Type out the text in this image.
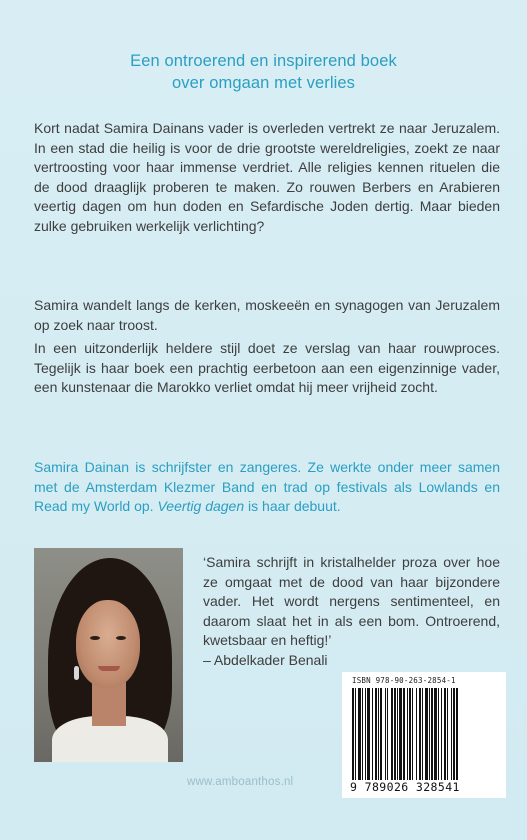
Een ontroerend en inspirerend boek
over omgaan met verlies

Kort nadat Samira Dainans vader is overleden vertrekt ze naar Jeruzalem. In een stad die heilig is voor de drie grootste wereldreligies, zoekt ze naar vertroosting voor haar immense verdriet. Alle religies kennen rituelen die de dood draaglijk proberen te maken. Zo rouwen Berbers en Arabieren veertig dagen om hun doden en Sefardische Joden dertig. Maar bieden zulke gebruiken werkelijk verlichting?

Samira wandelt langs de kerken, moskeeën en synagogen van Jeruzalem op zoek naar troost.

In een uitzonderlijk heldere stijl doet ze verslag van haar rouwproces. Tegelijk is haar boek een prachtig eerbetoon aan een eigenzinnige vader, een kunstenaar die Marokko verliet omdat hij meer vrijheid zocht.

Samira Dainan is schrijfster en zangeres. Ze werkte onder meer samen met de Amsterdam Klezmer Band en trad op festivals als Lowlands en Read my World op. Veertig dagen is haar debuut.
‘Samira schrijft in kristalhelder proza over hoe ze omgaat met de dood van haar bijzondere vader. Het wordt nergens sentimenteel, en daarom slaat het in als een bom. Ontroerend, kwetsbaar en heftig!’
– Abdelkader Benali
ISBN 978-90-263-2854-1
9 789026 328541
www.amboanthos.nl
